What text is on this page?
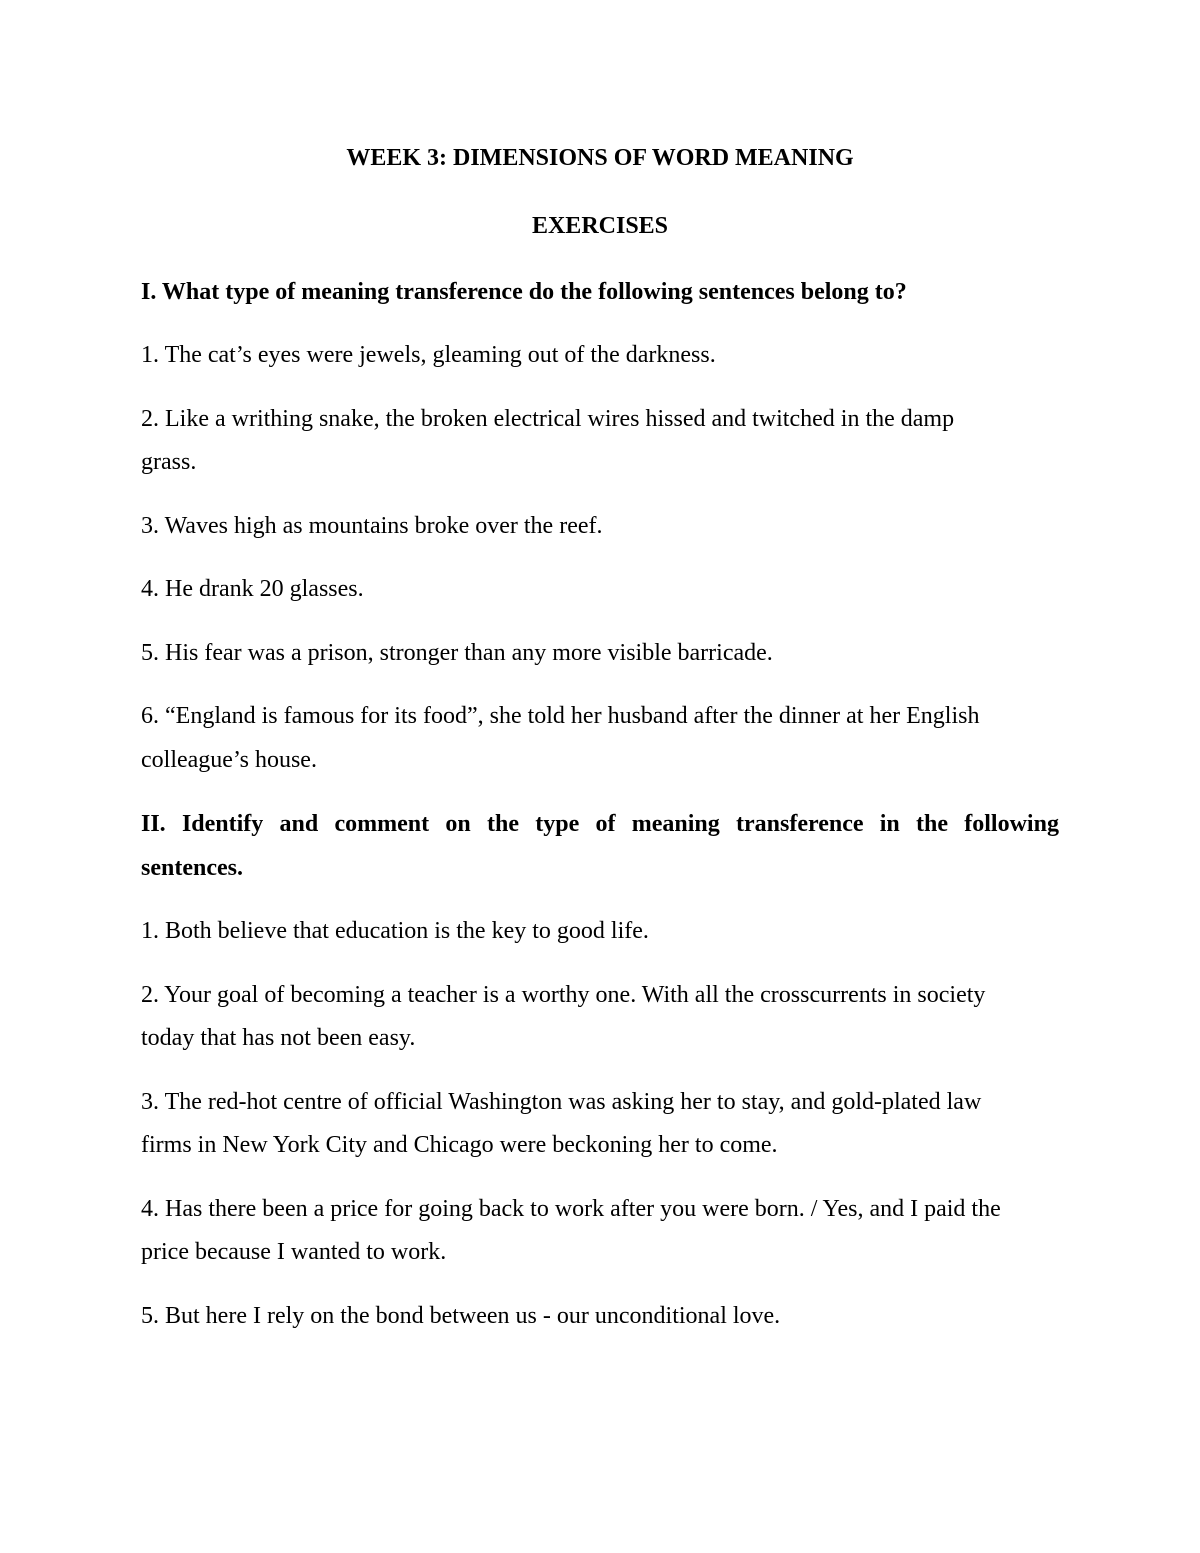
WEEK 3: DIMENSIONS OF WORD MEANING
EXERCISES
I. What type of meaning transference do the following sentences belong to?
1. The cat’s eyes were jewels, gleaming out of the darkness.
2. Like a writhing snake, the broken electrical wires hissed and twitched in the damp
grass.
3. Waves high as mountains broke over the reef.
4. He drank 20 glasses.
5. His fear was a prison, stronger than any more visible barricade.
6. “England is famous for its food”, she told her husband after the dinner at her English
colleague’s house.
II. Identify and comment on the type of meaning transference in the following
sentences.
1. Both believe that education is the key to good life.
2. Your goal of becoming a teacher is a worthy one. With all the crosscurrents in society
today that has not been easy.
3. The red-hot centre of official Washington was asking her to stay, and gold-plated law
firms in New York City and Chicago were beckoning her to come.
4. Has there been a price for going back to work after you were born. / Yes, and I paid the
price because I wanted to work.
5. But here I rely on the bond between us - our unconditional love.
